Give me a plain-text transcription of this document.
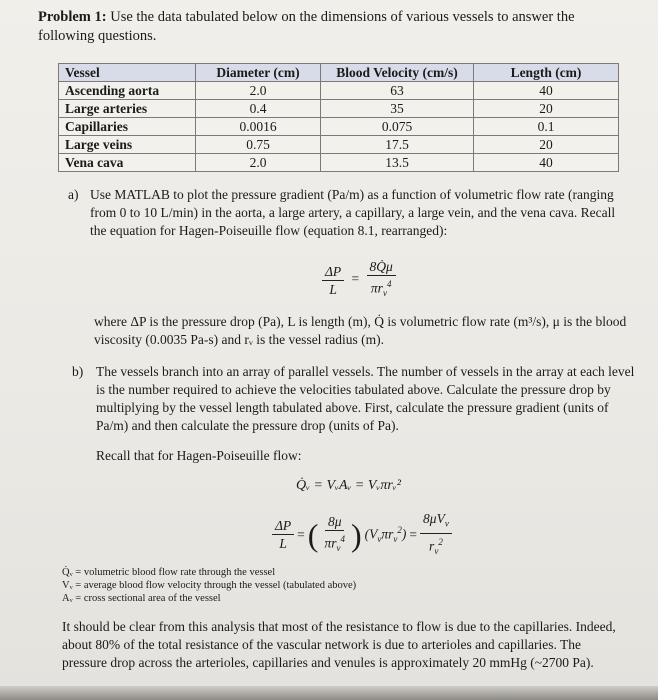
Problem 1: Use the data tabulated below on the dimensions of various vessels to answer the following questions.
Vessel	Diameter (cm)	Blood Velocity (cm/s)	Length (cm)
Ascending aorta	2.0	63	40
Large arteries	0.4	35	20
Capillaries	0.0016	0.075	0.1
Large veins	0.75	17.5	20
Vena cava	2.0	13.5	40
a) Use MATLAB to plot the pressure gradient (Pa/m) as a function of volumetric flow rate (ranging from 0 to 10 L/min) in the aorta, a large artery, a capillary, a large vein, and the vena cava. Recall the equation for Hagen-Poiseuille flow (equation 8.1, rearranged):
$\frac{\Delta P}{L} = \frac{8Q̇\mu}{\pi r_v^4}$
where ΔP is the pressure drop (Pa), L is length (m), Q̇ is volumetric flow rate (m³/s), μ is the blood viscosity (0.0035 Pa-s) and rᵥ is the vessel radius (m).
b) The vessels branch into an array of parallel vessels. The number of vessels in the array at each level is the number required to achieve the velocities tabulated above. Calculate the pressure drop by multiplying by the vessel length tabulated above. First, calculate the pressure gradient (units of Pa/m) and then calculate the pressure drop (units of Pa).
Recall that for Hagen-Poiseuille flow:
Q̇ᵥ = VᵥAᵥ = Vᵥπrᵥ²
$\frac{\Delta P}{L}$ = ( $\frac{8\mu}{\pi r_v^4}$ ) $(V_v\pi r_v^2) = \frac{8\mu V_v}{r_v^2}$
Q̇ᵥ = volumetric blood flow rate through the vessel
Vᵥ = average blood flow velocity through the vessel (tabulated above)
Aᵥ = cross sectional area of the vessel
It should be clear from this analysis that most of the resistance to flow is due to the capillaries. Indeed, about 80% of the total resistance of the vascular network is due to arterioles and capillaries. The pressure drop across the arterioles, capillaries and venules is approximately 20 mmHg (~2700 Pa).
